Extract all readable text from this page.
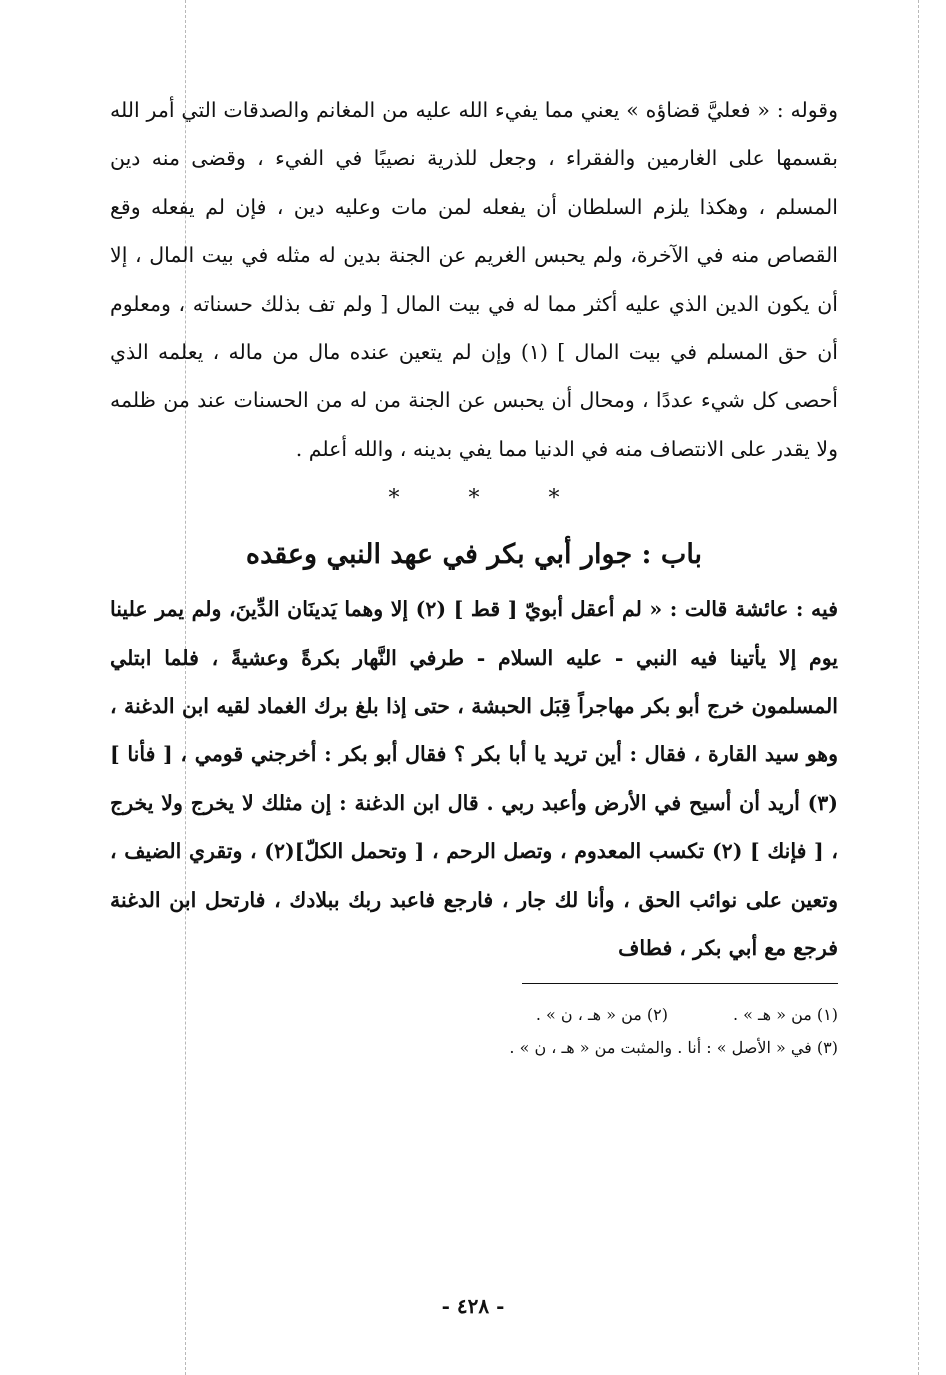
وقوله : « فعليَّ قضاؤه » يعني مما يفيء الله عليه من المغانم والصدقات التي أمر الله بقسمها على الغارمين والفقراء ، وجعل للذرية نصيبًا في الفيء ، وقضى منه دين المسلم ، وهكذا يلزم السلطان أن يفعله لمن مات وعليه دين ، فإن لم يفعله وقع القصاص منه في الآخرة، ولم يحبس الغريم عن الجنة بدين له مثله في بيت المال ، إلا أن يكون الدين الذي عليه أكثر مما له في بيت المال [ ولم تف بذلك حسناته ، ومعلوم أن حق المسلم في بيت المال ] (١) وإن لم يتعين عنده مال من ماله ، يعلمه الذي أحصى كل شيء عددًا ، ومحال أن يحبس عن الجنة من له من الحسنات عند من ظلمه ولا يقدر على الانتصاف منه في الدنيا مما يفي بدينه ، والله أعلم .

*	*	*
باب : جوار أبي بكر في عهد النبي وعقده

فيه : عائشة قالت : « لم أعقل أبويّ [ قط ] (٢) إلا وهما يَدينَان الدِّينَ، ولم يمر علينا يوم إلا يأتينا فيه النبي - عليه السلام - طرفي النَّهار بكرةً وعشيةً ، فلما ابتلي المسلمون خرج أبو بكر مهاجراً قِبَل الحبشة ، حتى إذا بلغ برك الغماد لقيه ابن الدغنة ، وهو سيد القارة ، فقال : أين تريد يا أبا بكر ؟ فقال أبو بكر : أخرجني قومي ، [ فأنا ] (٣) أريد أن أسيح في الأرض وأعبد ربي . قال ابن الدغنة : إن مثلك لا يخرج ولا يخرج ، [ فإنك ] (٢) تكسب المعدوم ، وتصل الرحم ، [ وتحمل الكلّ](٢) ، وتقري الضيف ، وتعين على نوائب الحق ، وأنا لك جار ، فارجع فاعبد ربك ببلادك ، فارتحل ابن الدغنة فرجع مع أبي بكر ، فطاف

(١) من « هـ » .
(٢) من « هـ ، ن » .
(٣) في « الأصل » : أنا . والمثبت من « هـ ، ن » .
- ٤٢٨ -
